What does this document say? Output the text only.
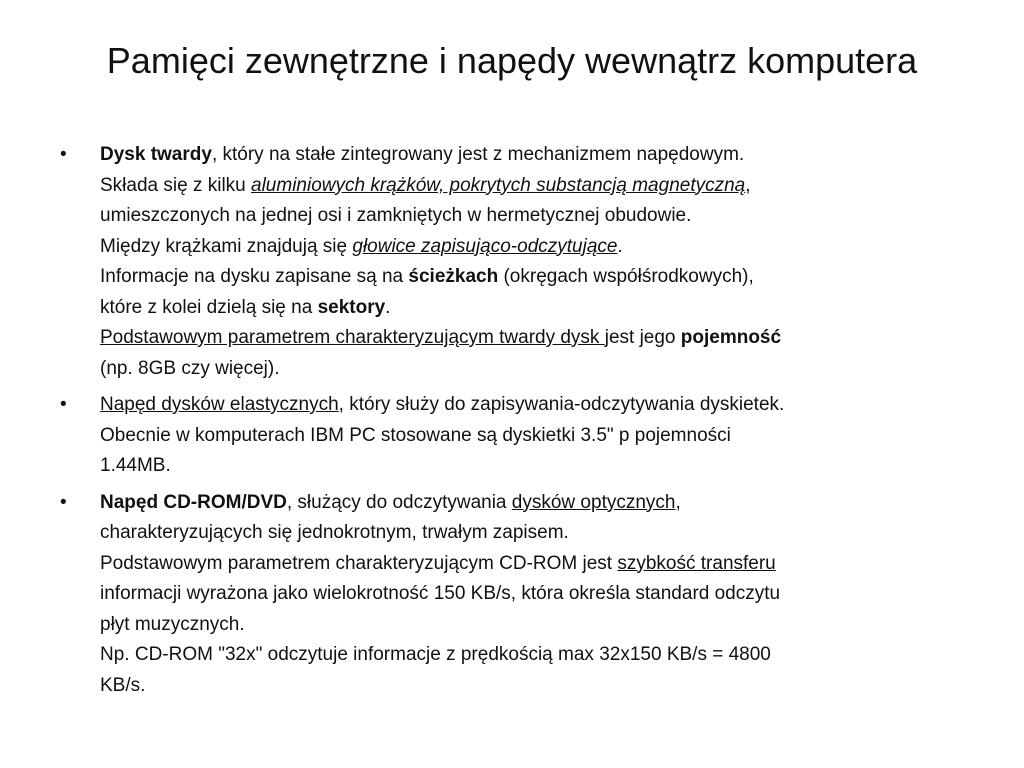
Pamięci zewnętrzne i napędy wewnątrz komputera
• Dysk twardy, który na stałe zintegrowany jest z mechanizmem napędowym.
Składa się z kilku aluminiowych krążków, pokrytych substancją magnetyczną,
umieszczonych na jednej osi i zamkniętych w hermetycznej obudowie.
Między krążkami znajdują się głowice zapisująco-odczytujące.
Informacje na dysku zapisane są na ścieżkach (okręgach współśrodkowych),
które z kolei dzielą się na sektory.
Podstawowym parametrem charakteryzującym twardy dysk jest jego pojemność
(np. 8GB czy więcej).
• Napęd dysków elastycznych, który służy do zapisywania-odczytywania dyskietek.
Obecnie w komputerach IBM PC stosowane są dyskietki 3.5" p pojemności
1.44MB.
• Napęd CD-ROM/DVD, służący do odczytywania dysków optycznych,
charakteryzujących się jednokrotnym, trwałym zapisem.
Podstawowym parametrem charakteryzującym CD-ROM jest szybkość transferu
informacji wyrażona jako wielokrotność 150 KB/s, która określa standard odczytu
płyt muzycznych.
Np. CD-ROM "32x" odczytuje informacje z prędkością max 32x150 KB/s = 4800
KB/s.
